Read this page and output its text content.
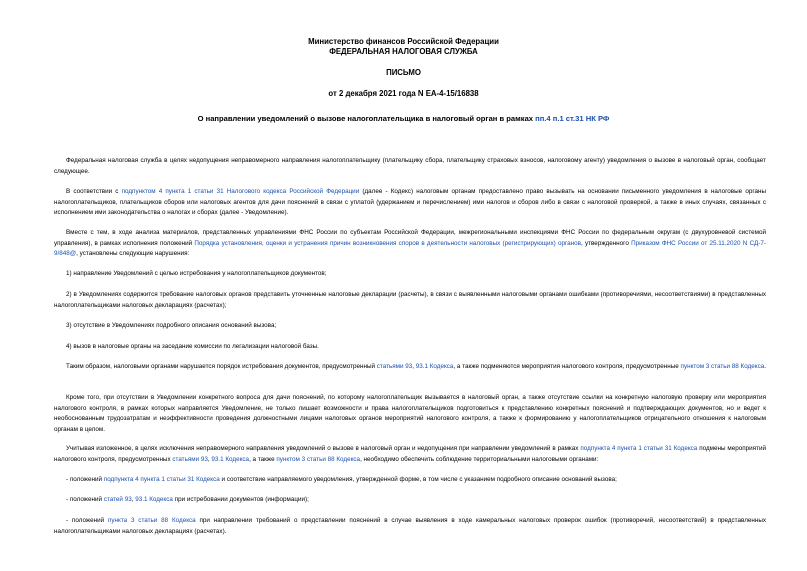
Министерство финансов Российской Федерации
ФЕДЕРАЛЬНАЯ НАЛОГОВАЯ СЛУЖБА
ПИСЬМО
от 2 декабря 2021 года N ЕА-4-15/16838
О направлении уведомлений о вызове налогоплательщика в налоговый орган в рамках пп.4 п.1 ст.31 НК РФ
Федеральная налоговая служба в целях недопущения неправомерного направления налогоплательщику (плательщику сбора, плательщику страховых взносов, налоговому агенту) уведомления о вызове в налоговый орган, сообщает следующее.
В соответствии с подпунктом 4 пункта 1 статьи 31 Налогового кодекса Российской Федерации (далее - Кодекс) налоговым органам предоставлено право вызывать на основании письменного уведомления в налоговые органы налогоплательщиков, плательщиков сборов или налоговых агентов для дачи пояснений в связи с уплатой (удержанием и перечислением) ими налогов и сборов либо в связи с налоговой проверкой, а также в иных случаях, связанных с исполнением ими законодательства о налогах и сборах (далее - Уведомление).
Вместе с тем, в ходе анализа материалов, представленных управлениями ФНС России по субъектам Российской Федерации, межрегиональными инспекциями ФНС России по федеральным округам (с двухуровневой системой управления), в рамках исполнения положений Порядка установления, оценки и устранения причин возникновения споров в деятельности налоговых (регистрирующих) органов, утвержденного Приказом ФНС России от 25.11.2020 N СД-7-9/848@, установлены следующие нарушения:
1) направление Уведомлений с целью истребования у налогоплательщиков документов;
2) в Уведомлениях содержится требование налоговых органов представить уточненные налоговые декларации (расчеты), в связи с выявленными налоговыми органами ошибками (противоречиями, несоответствиями) в представленных налогоплательщиками налоговых декларациях (расчетах);
3) отсутствие в Уведомлениях подробного описания оснований вызова;
4) вызов в налоговые органы на заседание комиссии по легализации налоговой базы.
Таким образом, налоговыми органами нарушается порядок истребования документов, предусмотренный статьями 93, 93.1 Кодекса, а также подменяются мероприятия налогового контроля, предусмотренные пунктом 3 статьи 88 Кодекса.
Кроме того, при отсутствии в Уведомлении конкретного вопроса для дачи пояснений, по которому налогоплательщик вызывается в налоговый орган, а также отсутствие ссылки на конкретную налоговую проверку или мероприятия налогового контроля, в рамках которых направляется Уведомление, не только лишает возможности и права налогоплательщиков подготовиться к представлению конкретных пояснений и подтверждающих документов, но и ведет к необоснованным трудозатратам и неэффективности проведения должностными лицами налоговых органов мероприятий налогового контроля, а также к формированию у налогоплательщиков отрицательного отношения к налоговым органам в целом.
Учитывая изложенное, в целях исключения неправомерного направления уведомлений о вызове в налоговый орган и недопущения при направлении уведомлений в рамках подпункта 4 пункта 1 статьи 31 Кодекса подмены мероприятий налогового контроля, предусмотренных статьями 93, 93.1 Кодекса, а также пунктом 3 статьи 88 Кодекса, необходимо обеспечить соблюдение территориальными налоговыми органами:
- положений подпункта 4 пункта 1 статьи 31 Кодекса и соответствие направляемого уведомления, утвержденной форме, в том числе с указанием подробного описание оснований вызова;
- положений статей 93, 93.1 Кодекса при истребовании документов (информации);
- положений пункта 3 статьи 88 Кодекса при направлении требований о представлении пояснений в случае выявления в ходе камеральных налоговых проверок ошибок (противоречий, несоответствий) в представленных налогоплательщиками налоговых декларациях (расчетах).
